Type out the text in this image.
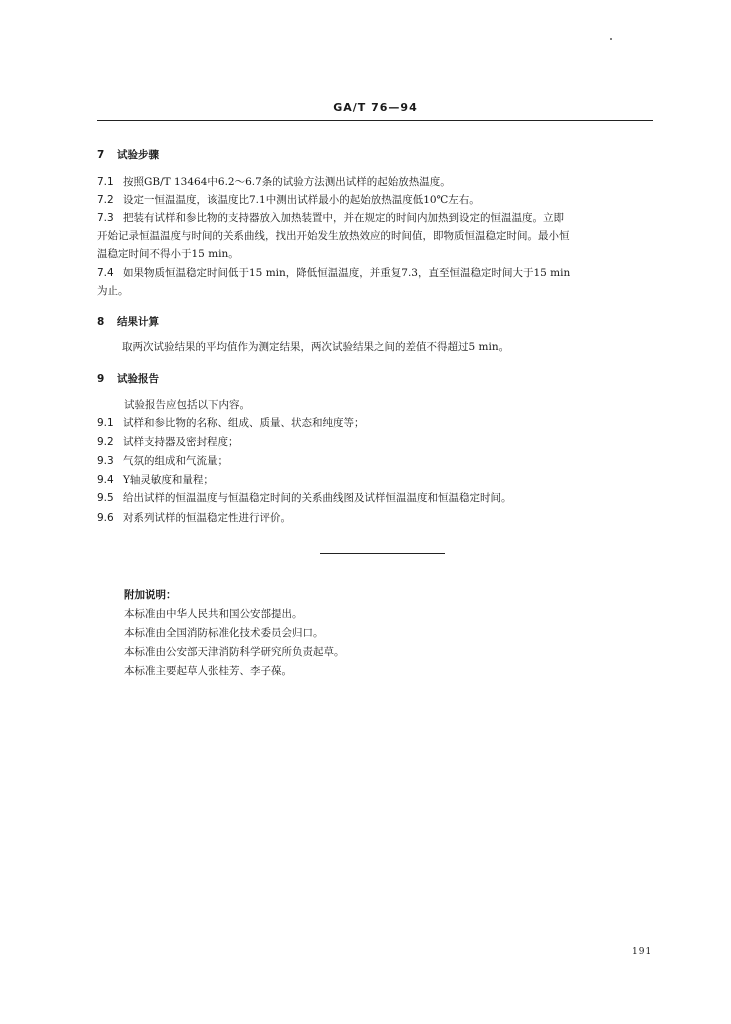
GA/T 76—94
7 试验步骤
7.1 按照GB/T 13464中6.2～6.7条的试验方法测出试样的起始放热温度。
7.2 设定一恒温温度，该温度比7.1中测出试样最小的起始放热温度低10℃左右。
7.3 把装有试样和参比物的支持器放入加热装置中，并在规定的时间内加热到设定的恒温温度。立即
开始记录恒温温度与时间的关系曲线，找出开始发生放热效应的时间值，即物质恒温稳定时间。最小恒
温稳定时间不得小于15 min。
7.4 如果物质恒温稳定时间低于15 min，降低恒温温度，并重复7.3，直至恒温稳定时间大于15 min
为止。
8 结果计算
取两次试验结果的平均值作为测定结果，两次试验结果之间的差值不得超过5 min。
9 试验报告
试验报告应包括以下内容。
9.1 试样和参比物的名称、组成、质量、状态和纯度等；
9.2 试样支持器及密封程度；
9.3 气氛的组成和气流量；
9.4 Y轴灵敏度和量程；
9.5 给出试样的恒温温度与恒温稳定时间的关系曲线图及试样恒温温度和恒温稳定时间。
9.6 对系列试样的恒温稳定性进行评价。
附加说明：
本标准由中华人民共和国公安部提出。
本标准由全国消防标准化技术委员会归口。
本标准由公安部天津消防科学研究所负责起草。
本标准主要起草人张桂芳、李子葆。
191
